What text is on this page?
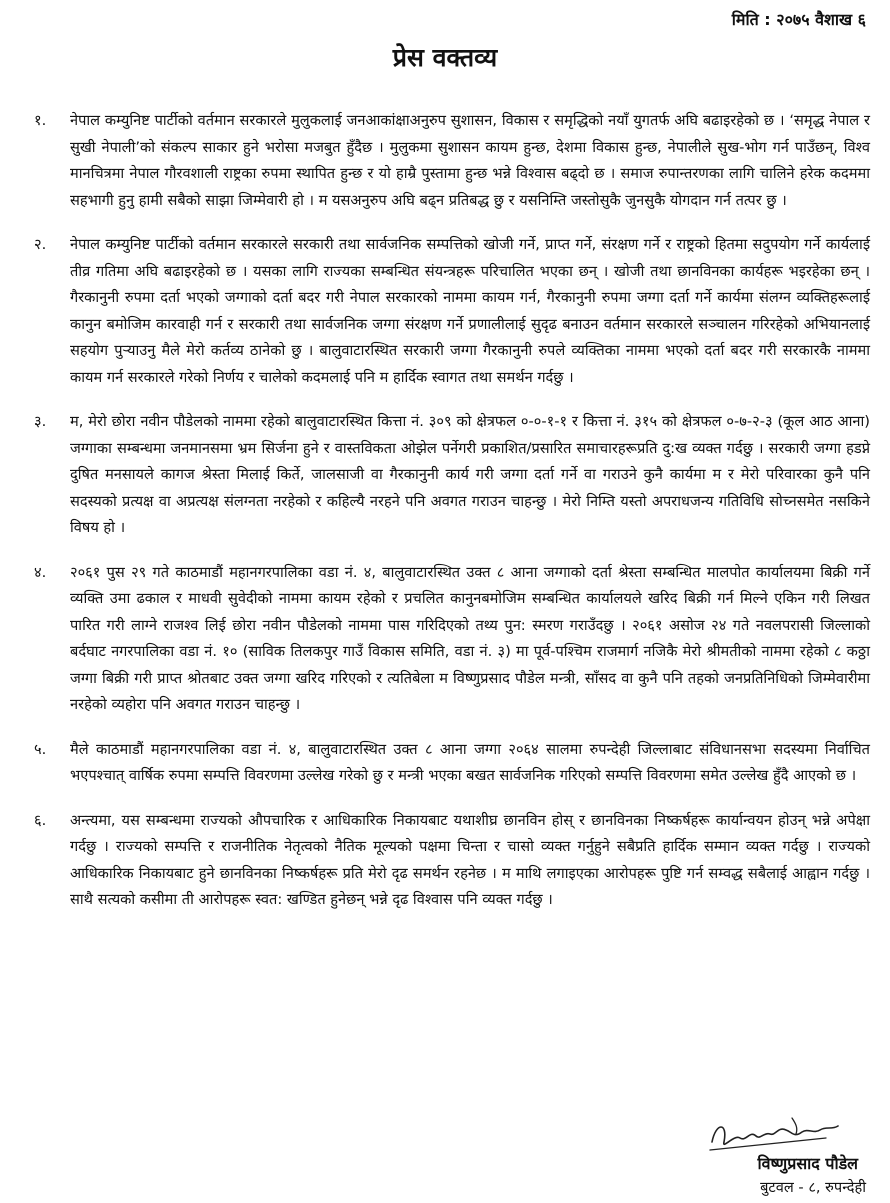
मिति : २०७५ वैशाख ६
प्रेस वक्तव्य
१.	नेपाल कम्युनिष्ट पार्टीको वर्तमान सरकारले मुलुकलाई जनआकांक्षाअनुरुप सुशासन, विकास र समृद्धिको नयाँ युगतर्फ अघि बढाइरहेको छ । ‘समृद्ध नेपाल र सुखी नेपाली’को संकल्प साकार हुने भरोसा मजबुत हुँदैछ । मुलुकमा सुशासन कायम हुन्छ, देशमा विकास हुन्छ, नेपालीले सुख-भोग गर्न पाउँछन्, विश्व मानचित्रमा नेपाल गौरवशाली राष्ट्रका रुपमा स्थापित हुन्छ र यो हाम्रै पुस्तामा हुन्छ भन्ने विश्वास बढ्दो छ । समाज रुपान्तरणका लागि चालिने हरेक कदममा सहभागी हुनु हामी सबैको साझा जिम्मेवारी हो । म यसअनुरुप अघि बढ्न प्रतिबद्ध छु र यसनिम्ति जस्तोसुकै जुनसुकै योगदान गर्न तत्पर छु ।
२.	नेपाल कम्युनिष्ट पार्टीको वर्तमान सरकारले सरकारी तथा सार्वजनिक सम्पत्तिको खोजी गर्ने, प्राप्त गर्ने, संरक्षण गर्ने र राष्ट्रको हितमा सदुपयोग गर्ने कार्यलाई तीव्र गतिमा अघि बढाइरहेको छ । यसका लागि राज्यका सम्बन्धित संयन्त्रहरू परिचालित भएका छन् । खोजी तथा छानविनका कार्यहरू भइरहेका छन् । गैरकानुनी रुपमा दर्ता भएको जग्गाको दर्ता बदर गरी नेपाल सरकारको नाममा कायम गर्न, गैरकानुनी रुपमा जग्गा दर्ता गर्ने कार्यमा संलग्न व्यक्तिहरूलाई कानुन बमोजिम कारवाही गर्न र सरकारी तथा सार्वजनिक जग्गा संरक्षण गर्ने प्रणालीलाई सुदृढ बनाउन वर्तमान सरकारले सञ्चालन गरिरहेको अभियानलाई सहयोग पुऱ्याउनु मैले मेरो कर्तव्य ठानेको छु । बालुवाटारस्थित सरकारी जग्गा गैरकानुनी रुपले व्यक्तिका नाममा भएको दर्ता बदर गरी सरकारकै नाममा कायम गर्न सरकारले गरेको निर्णय र चालेको कदमलाई पनि म हार्दिक स्वागत तथा समर्थन गर्दछु ।
३.	म, मेरो छोरा नवीन पौडेलको नाममा रहेको बालुवाटारस्थित कित्ता नं. ३०९ को क्षेत्रफल ०-०-१-१ र कित्ता नं. ३१५ को क्षेत्रफल ०-७-२-३ (कूल आठ आना) जग्गाका सम्बन्धमा जनमानसमा भ्रम सिर्जना हुने र वास्तविकता ओझेल पर्नेगरी प्रकाशित/प्रसारित समाचारहरूप्रति दु:ख व्यक्त गर्दछु । सरकारी जग्गा हडप्ने दुषित मनसायले कागज श्रेस्ता मिलाई किर्ते, जालसाजी वा गैरकानुनी कार्य गरी जग्गा दर्ता गर्ने वा गराउने कुनै कार्यमा म र मेरो परिवारका कुनै पनि सदस्यको प्रत्यक्ष वा अप्रत्यक्ष संलग्नता नरहेको र कहिल्यै नरहने पनि अवगत गराउन चाहन्छु । मेरो निम्ति यस्तो अपराधजन्य गतिविधि सोच्नसमेत नसकिने विषय हो ।
४.	२०६१ पुस २९ गते काठमाडौं महानगरपालिका वडा नं. ४, बालुवाटारस्थित उक्त ८ आना जग्गाको दर्ता श्रेस्ता सम्बन्धित मालपोत कार्यालयमा बिक्री गर्ने व्यक्ति उमा ढकाल र माधवी सुवेदीको नाममा कायम रहेको र प्रचलित कानुनबमोजिम सम्बन्धित कार्यालयले खरिद बिक्री गर्न मिल्ने एकिन गरी लिखत पारित गरी लाग्ने राजश्व लिई छोरा नवीन पौडेलको नाममा पास गरिदिएको तथ्य पुन: स्मरण गराउँदछु । २०६१ असोज २४ गते नवलपरासी जिल्लाको बर्दघाट नगरपालिका वडा नं. १० (साविक तिलकपुर गाउँ विकास समिति, वडा नं. ३) मा पूर्व-पश्चिम राजमार्ग नजिकै मेरो श्रीमतीको नाममा रहेको ८ कठ्ठा जग्गा बिक्री गरी प्राप्त श्रोतबाट उक्त जग्गा खरिद गरिएको र त्यतिबेला म विष्णुप्रसाद पौडेल मन्त्री, साँसद वा कुनै पनि तहको जनप्रतिनिधिको जिम्मेवारीमा नरहेको व्यहोरा पनि अवगत गराउन चाहन्छु ।
५.	मैले काठमाडौं महानगरपालिका वडा नं. ४, बालुवाटारस्थित उक्त ८ आना जग्गा २०६४ सालमा रुपन्देही जिल्लाबाट संविधानसभा सदस्यमा निर्वाचित भएपश्चात् वार्षिक रुपमा सम्पत्ति विवरणमा उल्लेख गरेको छु र मन्त्री भएका बखत सार्वजनिक गरिएको सम्पत्ति विवरणमा समेत उल्लेख हुँदै आएको छ ।
६.	अन्त्यमा, यस सम्बन्धमा राज्यको औपचारिक र आधिकारिक निकायबाट यथाशीघ्र छानविन होस् र छानविनका निष्कर्षहरू कार्यान्वयन होउन् भन्ने अपेक्षा गर्दछु । राज्यको सम्पत्ति र राजनीतिक नेतृत्वको नैतिक मूल्यको पक्षमा चिन्ता र चासो व्यक्त गर्नुहुने सबैप्रति हार्दिक सम्मान व्यक्त गर्दछु । राज्यको आधिकारिक निकायबाट हुने छानविनका निष्कर्षहरू प्रति मेरो दृढ समर्थन रहनेछ । म माथि लगाइएका आरोपहरू पुष्टि गर्न सम्वद्ध सबैलाई आह्वान गर्दछु । साथै सत्यको कसीमा ती आरोपहरू स्वत: खण्डित हुनेछन् भन्ने दृढ विश्वास पनि व्यक्त गर्दछु ।
विष्णुप्रसाद पौडेल
बुटवल - ८, रुपन्देही
